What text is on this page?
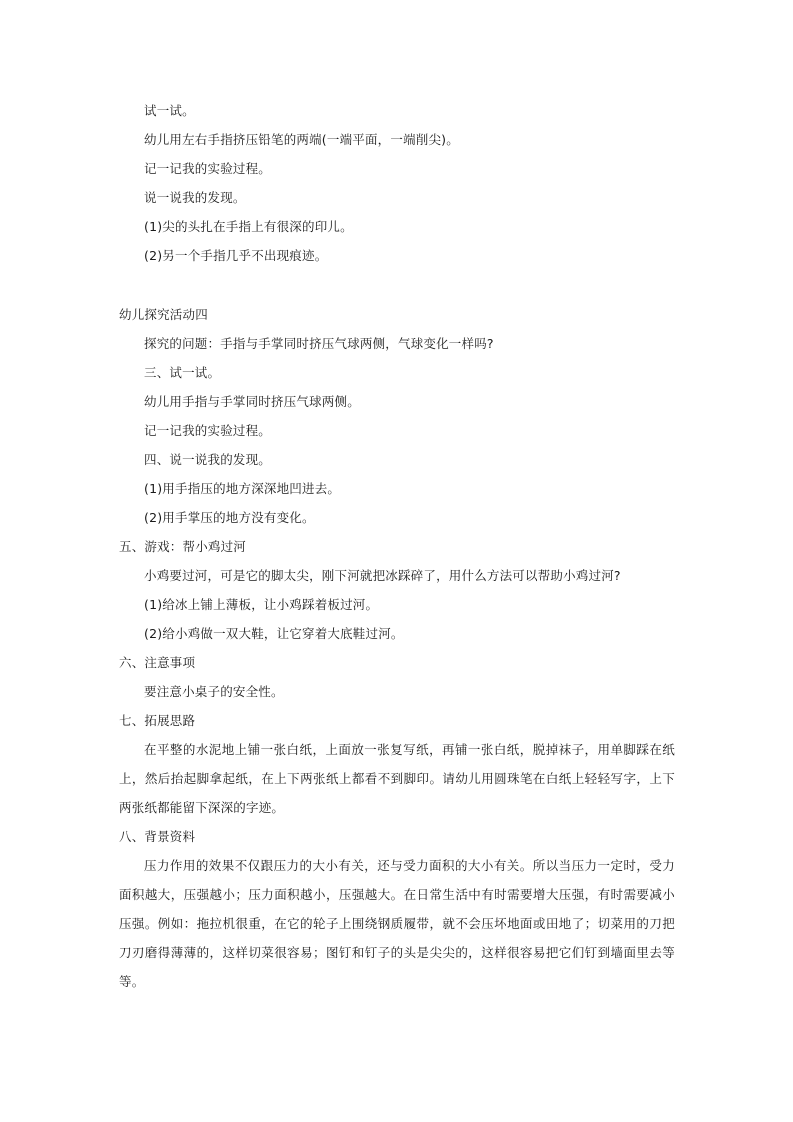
试一试。
幼儿用左右手指挤压铅笔的两端(一端平面，一端削尖)。
记一记我的实验过程。
说一说我的发现。
(1)尖的头扎在手指上有很深的印儿。
(2)另一个手指几乎不出现痕迹。
幼儿探究活动四
探究的问题：手指与手掌同时挤压气球两侧，气球变化一样吗?
三、试一试。
幼儿用手指与手掌同时挤压气球两侧。
记一记我的实验过程。
四、说一说我的发现。
(1)用手指压的地方深深地凹进去。
(2)用手掌压的地方没有变化。
五、游戏：帮小鸡过河
小鸡要过河，可是它的脚太尖，刚下河就把冰踩碎了，用什么方法可以帮助小鸡过河?
(1)给冰上铺上薄板，让小鸡踩着板过河。
(2)给小鸡做一双大鞋，让它穿着大底鞋过河。
六、注意事项
要注意小桌子的安全性。
七、拓展思路
在平整的水泥地上铺一张白纸，上面放一张复写纸，再铺一张白纸，脱掉袜子，用单脚踩在纸上，然后抬起脚拿起纸，在上下两张纸上都看不到脚印。请幼儿用圆珠笔在白纸上轻轻写字，上下两张纸都能留下深深的字迹。
八、背景资料
压力作用的效果不仅跟压力的大小有关，还与受力面积的大小有关。所以当压力一定时，受力面积越大，压强越小；压力面积越小，压强越大。在日常生活中有时需要增大压强，有时需要减小压强。例如：拖拉机很重，在它的轮子上围绕钢质履带，就不会压坏地面或田地了；切菜用的刀把刀刃磨得薄薄的，这样切菜很容易；图钉和钉子的头是尖尖的，这样很容易把它们钉到墙面里去等等。
